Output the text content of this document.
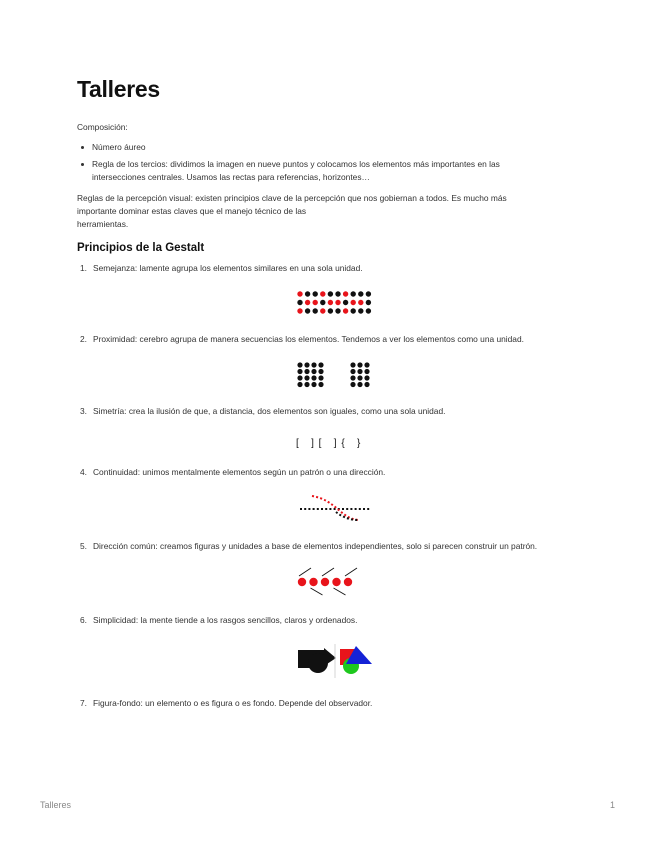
Talleres

Composición:

Número áureo

Regla de los tercios: dividimos la imagen en nueve puntos y colocamos los elementos más importantes en las

intersecciones centrales. Usamos las rectas para referencias, horizontes…

Reglas de la percepción visual: existen principios clave de la percepción que nos gobiernan a todos. Es mucho más

importante dominar estas claves que el manejo técnico de las

herramientas.

Principios de la Gestalt
1. Semejanza: lamente agrupa los elementos similares en una sola unidad.
2. Proximidad: cerebro agrupa de manera secuencias los elementos. Tendemos a ver los elementos como una unidad.
3. Simetría: crea la ilusión de que, a distancia, dos elementos son iguales, como una sola unidad.
[   ] [   ] {   }
4. Continuidad: unimos mentalmente elementos según un patrón o una dirección.
5. Dirección común: creamos figuras y unidades a base de elementos independientes, solo si parecen construir un patrón.
6. Simplicidad: la mente tiende a los rasgos sencillos, claros y ordenados.
7. Figura-fondo: un elemento o es figura o es fondo. Depende del observador.
Talleres	1
